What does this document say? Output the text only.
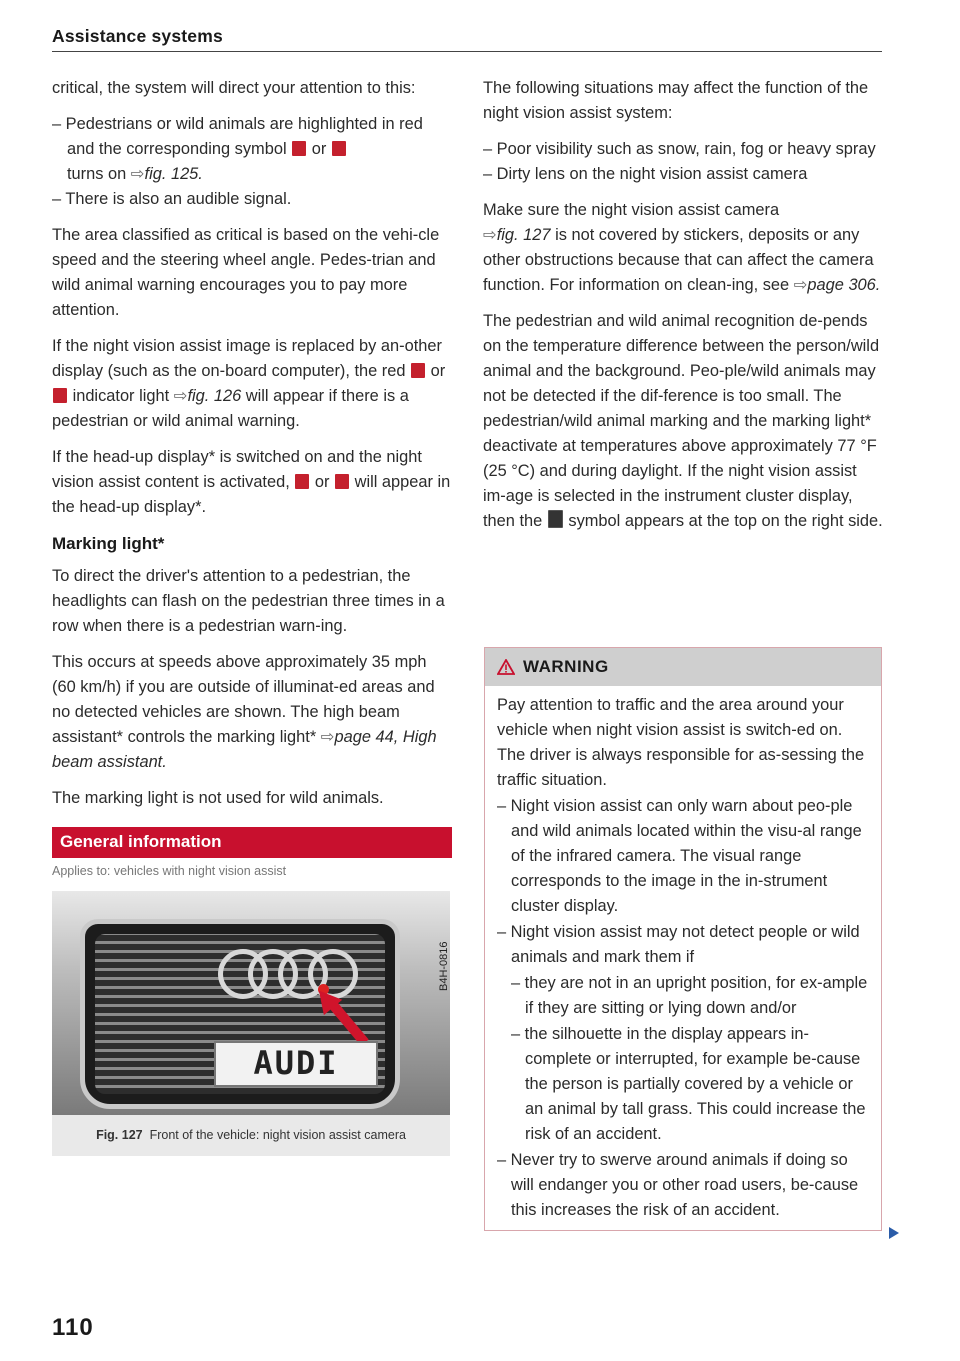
Assistance systems

critical, the system will direct your attention to this:

– Pedestrians or wild animals are highlighted in red and the corresponding symbol or
turns on ⇨fig. 125.

– There is also an audible signal.

The area classified as critical is based on the vehi-cle speed and the steering wheel angle. Pedes-trian and wild animal warning encourages you to pay more attention.

If the night vision assist image is replaced by an-other display (such as the on-board computer), the red or  indicator light ⇨fig. 126 will appear if there is a pedestrian or wild animal warning.

If the head-up display* is switched on and the night vision assist content is activated, or will appear in the head-up display*.

Marking light*

To direct the driver's attention to a pedestrian, the headlights can flash on the pedestrian three times in a row when there is a pedestrian warn-ing.

This occurs at speeds above approximately 35 mph (60 km/h) if you are outside of illuminat-ed areas and no detected vehicles are shown. The high beam assistant* controls the marking light* ⇨page 44, High beam assistant.

The marking light is not used for wild animals.

General information
Applies to: vehicles with night vision assist
AUDI
B4H-0816
Fig. 127 Front of the vehicle: night vision assist camera

The following situations may affect the function of the night vision assist system:

– Poor visibility such as snow, rain, fog or heavy spray

– Dirty lens on the night vision assist camera

Make sure the night vision assist camera
⇨fig. 127 is not covered by stickers, deposits or any other obstructions because that can affect the camera function. For information on clean-ing, see ⇨page 306.

The pedestrian and wild animal recognition de-pends on the temperature difference between the person/wild animal and the background. Peo-ple/wild animals may not be detected if the dif-ference is too small. The pedestrian/wild animal marking and the marking light* deactivate at temperatures above approximately 77 °F (25 °C) and during daylight. If the night vision assist im-age is selected in the instrument cluster display, then the symbol appears at the top on the right side.

WARNING

Pay attention to traffic and the area around your vehicle when night vision assist is switch-ed on. The driver is always responsible for as-sessing the traffic situation.

– Night vision assist can only warn about peo-ple and wild animals located within the visu-al range of the infrared camera. The visual range corresponds to the image in the in-strument cluster display.

– Night vision assist may not detect people or wild animals and mark them if

– they are not in an upright position, for ex-ample if they are sitting or lying down and/or

– the silhouette in the display appears in-complete or interrupted, for example be-cause the person is partially covered by a vehicle or an animal by tall grass. This could increase the risk of an accident.

– Never try to swerve around animals if doing so will endanger you or other road users, be-cause this increases the risk of an accident.

110
